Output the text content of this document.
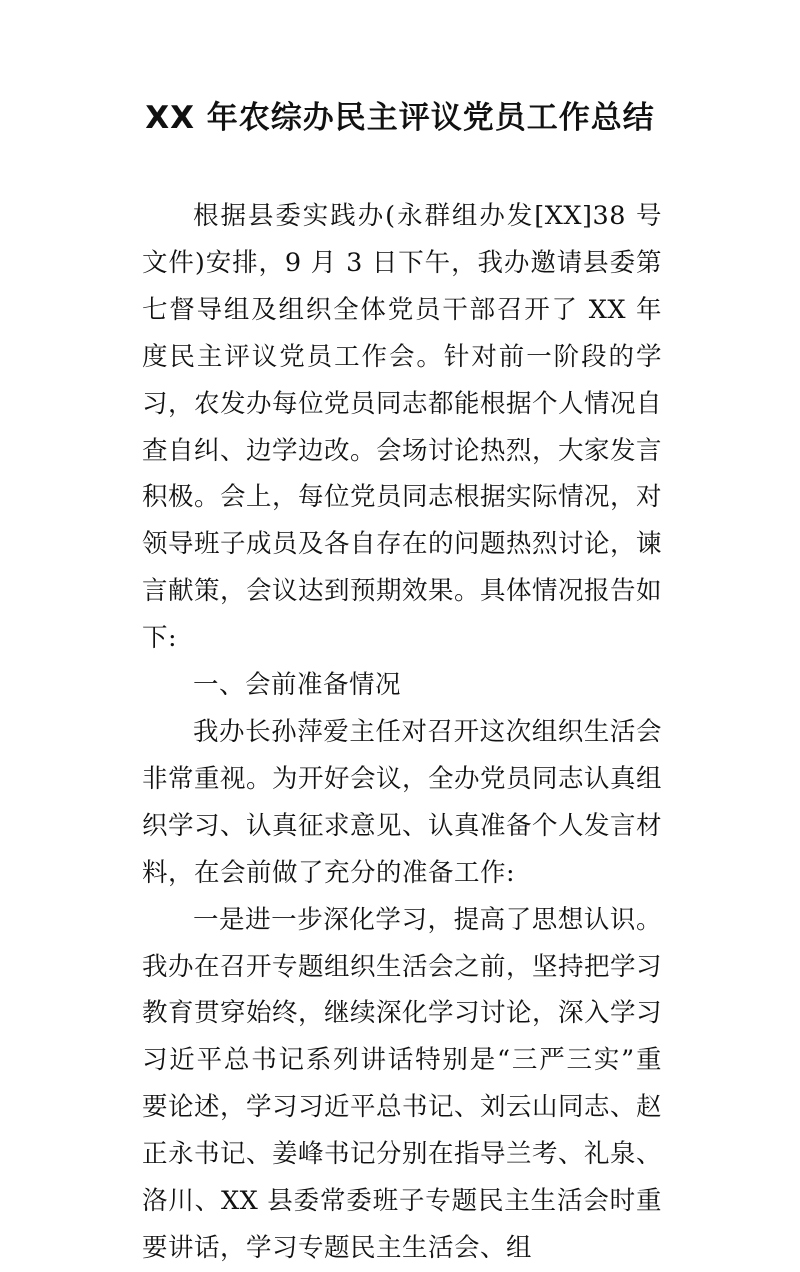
XX 年农综办民主评议党员工作总结

根据县委实践办(永群组办发[XX]38 号文件)安排，9 月 3 日下午，我办邀请县委第七督导组及组织全体党员干部召开了 XX 年度民主评议党员工作会。针对前一阶段的学习，农发办每位党员同志都能根据个人情况自查自纠、边学边改。会场讨论热烈，大家发言积极。会上，每位党员同志根据实际情况，对领导班子成员及各自存在的问题热烈讨论，谏言献策，会议达到预期效果。具体情况报告如下:

一、会前准备情况

我办长孙萍爱主任对召开这次组织生活会非常重视。为开好会议，全办党员同志认真组织学习、认真征求意见、认真准备个人发言材料，在会前做了充分的准备工作:

一是进一步深化学习，提高了思想认识。我办在召开专题组织生活会之前，坚持把学习教育贯穿始终，继续深化学习讨论，深入学习习近平总书记系列讲话特别是“三严三实”重要论述，学习习近平总书记、刘云山同志、赵正永书记、姜峰书记分别在指导兰考、礼泉、洛川、XX 县委常委班子专题民主生活会时重要讲话，学习专题民主生活会、组
